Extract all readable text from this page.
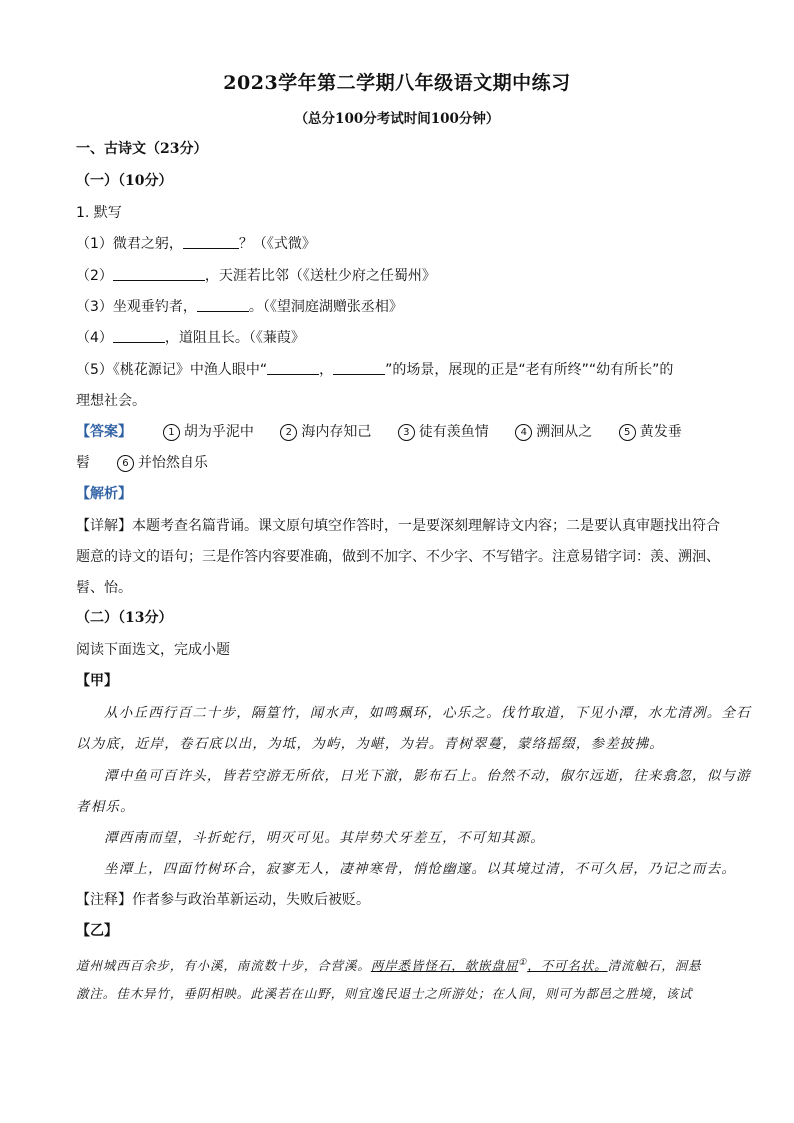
2023学年第二学期八年级语文期中练习
（总分100分考试时间100分钟）
一、古诗文（23分）
（一）（10分）
1. 默写
（1）微君之躬，	？（《式微》
（2）	，天涯若比邻（《送杜少府之任蜀州》
（3）坐观垂钓者，	。（《望洞庭湖赠张丞相》
（4）	，道阻且长。（《蒹葭》
（5）《桃花源记》中渔人眼中“	，	”的场景，展现的正是“老有所终”“幼有所长”的
理想社会。
【答案】	1 胡为乎泥中	2 海内存知己	3 徒有羡鱼情	4 溯洄从之	5 黄发垂
髫	6 并怡然自乐
【解析】
【详解】本题考查名篇背诵。课文原句填空作答时，一是要深刻理解诗文内容；二是要认真审题找出符合
题意的诗文的语句；三是作答内容要准确，做到不加字、不少字、不写错字。注意易错字词：羡、溯洄、
髫、怡。
（二）（13分）
阅读下面选文，完成小题
【甲】
从小丘西行百二十步，隔篁竹，闻水声，如鸣珮环，心乐之。伐竹取道，下见小潭，水尤清冽。全石
以为底，近岸，卷石底以出，为坻，为屿，为嵁，为岩。青树翠蔓，蒙络摇缀，参差披拂。
潭中鱼可百许头，皆若空游无所依，日光下澈，影布石上。佁然不动，俶尔远逝，往来翕忽，似与游
者相乐。
潭西南而望，斗折蛇行，明灭可见。其岸势犬牙差互，不可知其源。
坐潭上，四面竹树环合，寂寥无人，凄神寒骨，悄怆幽邃。以其境过清，不可久居，乃记之而去。
【注释】作者参与政治革新运动，失败后被贬。
【乙】
道州城西百余步，有小溪，南流数十步，合营溪。两岸悉皆怪石，欹嵌盘屈①，不可名状。清流触石，洄悬
激注。佳木异竹，垂阴相映。此溪若在山野，则宜逸民退士之所游处；在人间，则可为都邑之胜境，该试
